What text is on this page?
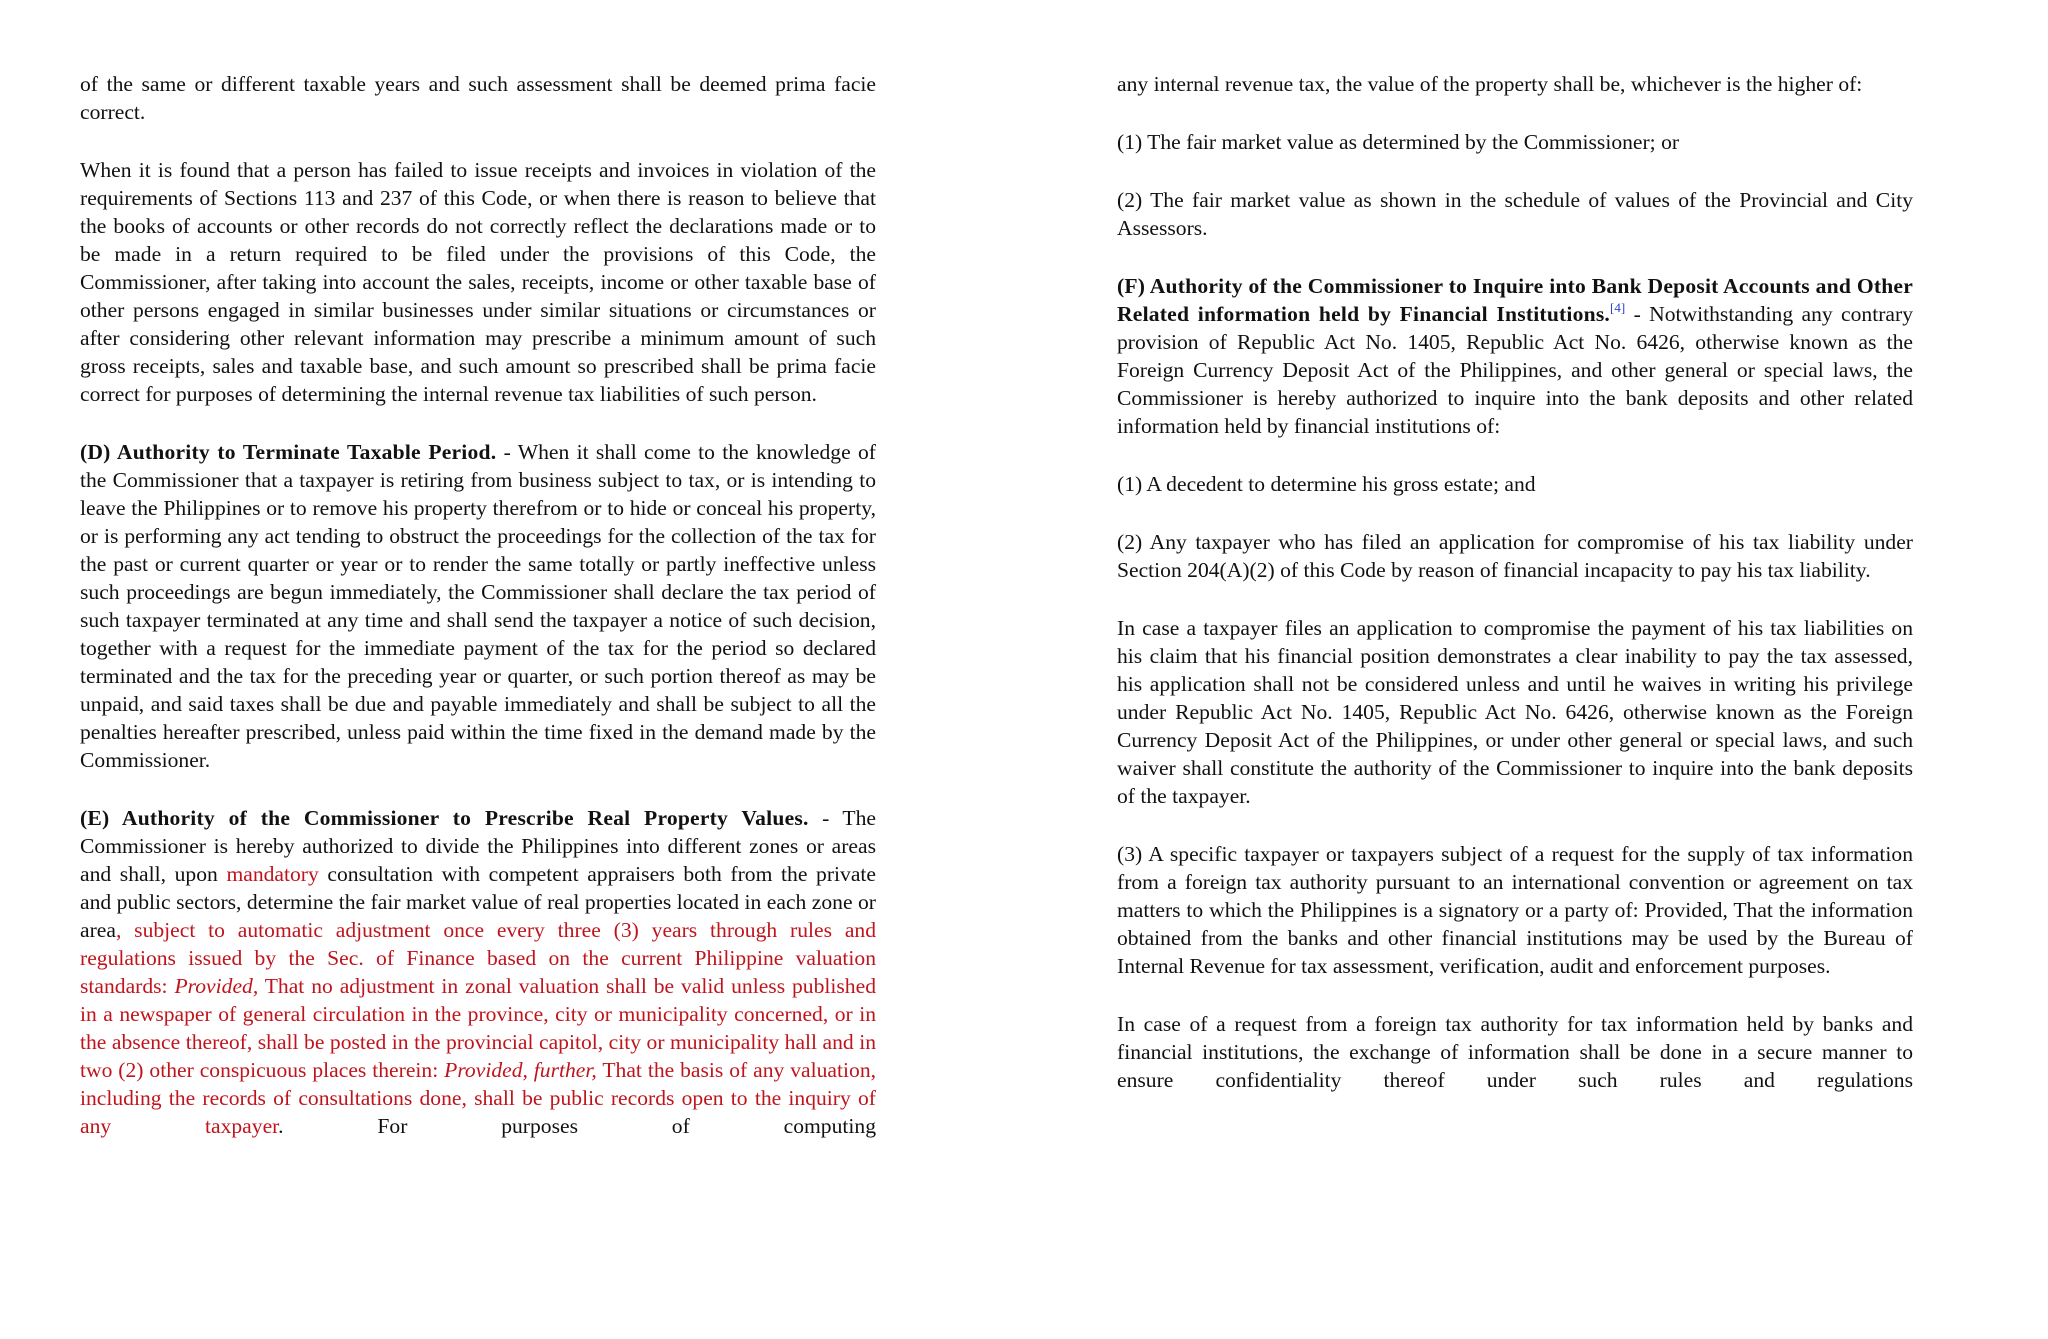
of the same or different taxable years and such assessment shall be deemed prima facie correct.

When it is found that a person has failed to issue receipts and invoices in violation of the requirements of Sections 113 and 237 of this Code, or when there is reason to believe that the books of accounts or other records do not correctly reflect the declarations made or to be made in a return required to be filed under the provisions of this Code, the Commissioner, after taking into account the sales, receipts, income or other taxable base of other persons engaged in similar businesses under similar situations or circumstances or after considering other relevant information may prescribe a minimum amount of such gross receipts, sales and taxable base, and such amount so prescribed shall be prima facie correct for purposes of determining the internal revenue tax liabilities of such person.

(D) Authority to Terminate Taxable Period. - When it shall come to the knowledge of the Commissioner that a taxpayer is retiring from business subject to tax, or is intending to leave the Philippines or to remove his property therefrom or to hide or conceal his property, or is performing any act tending to obstruct the proceedings for the collection of the tax for the past or current quarter or year or to render the same totally or partly ineffective unless such proceedings are begun immediately, the Commissioner shall declare the tax period of such taxpayer terminated at any time and shall send the taxpayer a notice of such decision, together with a request for the immediate payment of the tax for the period so declared terminated and the tax for the preceding year or quarter, or such portion thereof as may be unpaid, and said taxes shall be due and payable immediately and shall be subject to all the penalties hereafter prescribed, unless paid within the time fixed in the demand made by the Commissioner.

(E) Authority of the Commissioner to Prescribe Real Property Values. - The Commissioner is hereby authorized to divide the Philippines into different zones or areas and shall, upon mandatory consultation with competent appraisers both from the private and public sectors, determine the fair market value of real properties located in each zone or area, subject to automatic adjustment once every three (3) years through rules and regulations issued by the Sec. of Finance based on the current Philippine valuation standards: Provided, That no adjustment in zonal valuation shall be valid unless published in a newspaper of general circulation in the province, city or municipality concerned, or in the absence thereof, shall be posted in the provincial capitol, city or municipality hall and in two (2) other conspicuous places therein: Provided, further, That the basis of any valuation, including the records of consultations done, shall be public records open to the inquiry of any taxpayer. For purposes of computing

any internal revenue tax, the value of the property shall be, whichever is the higher of:

(1) The fair market value as determined by the Commissioner; or

(2) The fair market value as shown in the schedule of values of the Provincial and City Assessors.

(F) Authority of the Commissioner to Inquire into Bank Deposit Accounts and Other Related information held by Financial Institutions.[4] - Notwithstanding any contrary provision of Republic Act No. 1405, Republic Act No. 6426, otherwise known as the Foreign Currency Deposit Act of the Philippines, and other general or special laws, the Commissioner is hereby authorized to inquire into the bank deposits and other related information held by financial institutions of:

(1) A decedent to determine his gross estate; and

(2) Any taxpayer who has filed an application for compromise of his tax liability under Section 204(A)(2) of this Code by reason of financial incapacity to pay his tax liability.

In case a taxpayer files an application to compromise the payment of his tax liabilities on his claim that his financial position demonstrates a clear inability to pay the tax assessed, his application shall not be considered unless and until he waives in writing his privilege under Republic Act No. 1405, Republic Act No. 6426, otherwise known as the Foreign Currency Deposit Act of the Philippines, or under other general or special laws, and such waiver shall constitute the authority of the Commissioner to inquire into the bank deposits of the taxpayer.

(3) A specific taxpayer or taxpayers subject of a request for the supply of tax information from a foreign tax authority pursuant to an international convention or agreement on tax matters to which the Philippines is a signatory or a party of: Provided, That the information obtained from the banks and other financial institutions may be used by the Bureau of Internal Revenue for tax assessment, verification, audit and enforcement purposes.

In case of a request from a foreign tax authority for tax information held by banks and financial institutions, the exchange of information shall be done in a secure manner to ensure confidentiality thereof under such rules and regulations
